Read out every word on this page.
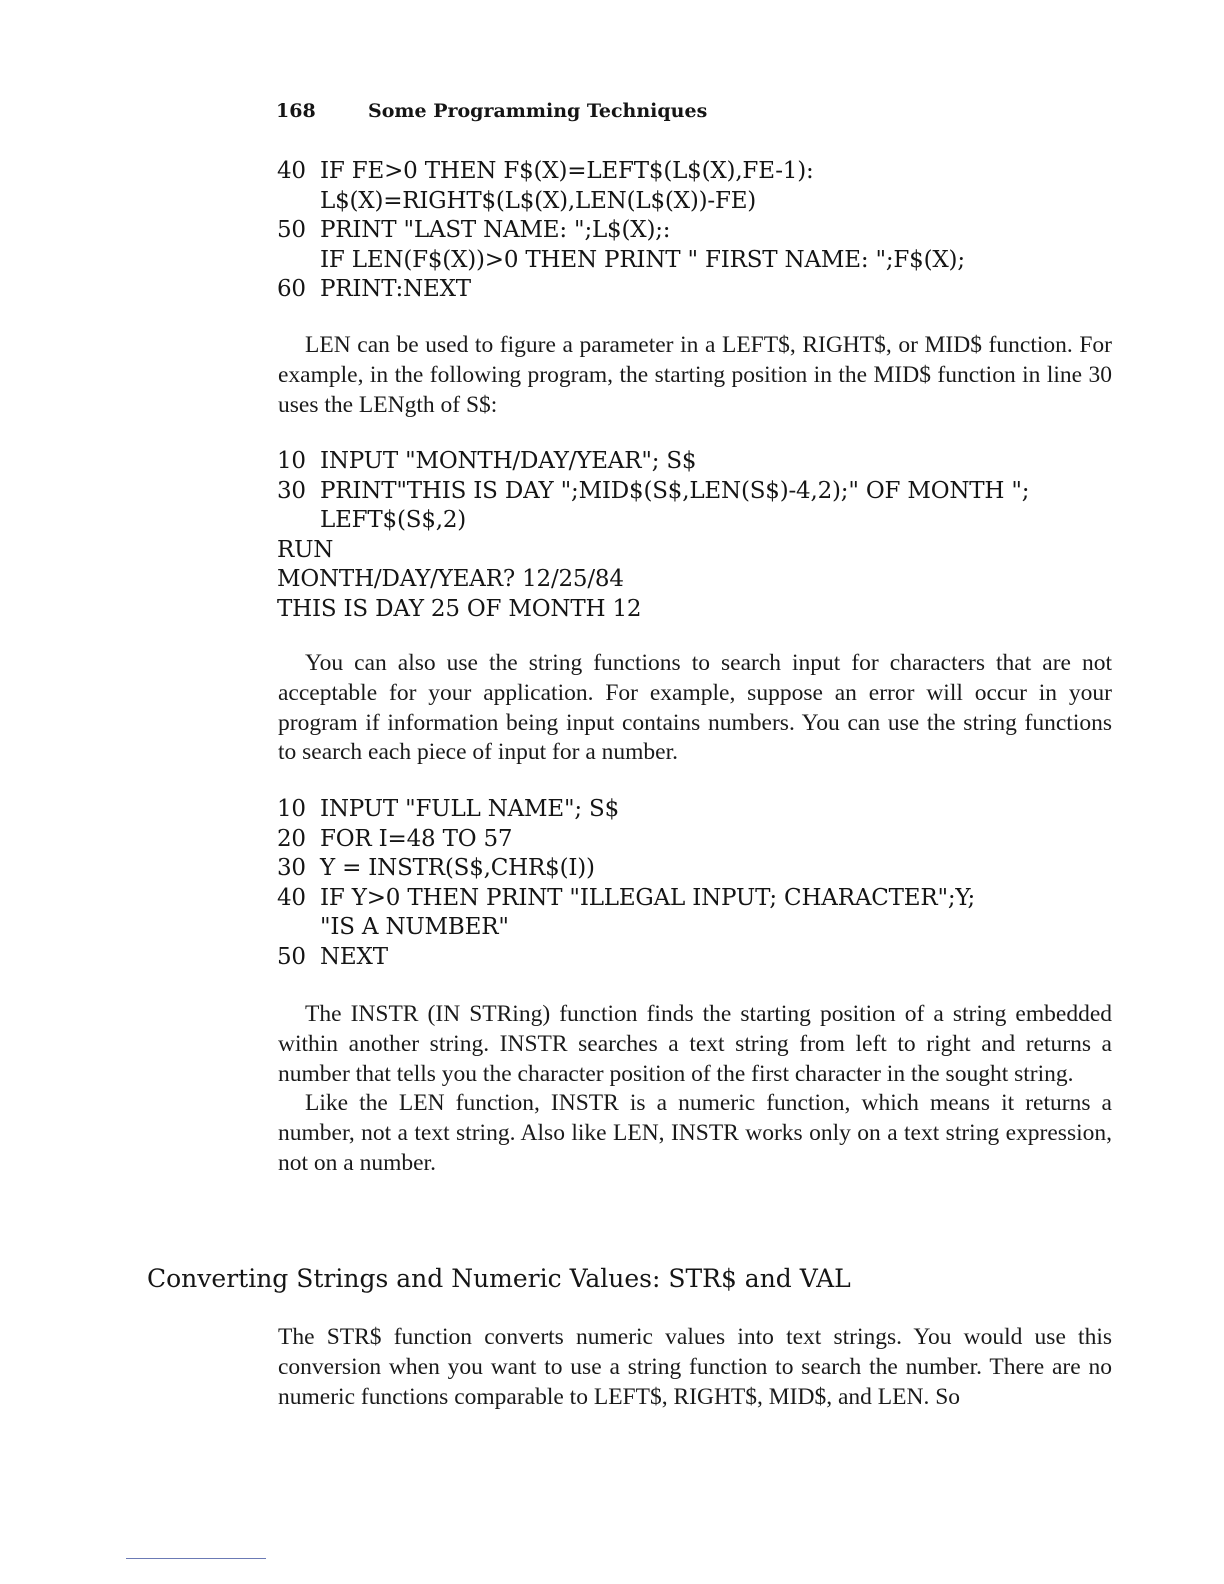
168	Some Programming Techniques
40 IF FE>0 THEN F$(X)=LEFT$(L$(X),FE-1):
L$(X)=RIGHT$(L$(X),LEN(L$(X))-FE)
50 PRINT "LAST NAME: ";L$(X);:
IF LEN(F$(X))>0 THEN PRINT " FIRST NAME: ";F$(X);
60 PRINT:NEXT

LEN can be used to figure a parameter in a LEFT$, RIGHT$, or MID$ function. For example, in the following program, the starting position in the MID$ function in line 30 uses the LENgth of S$:

10 INPUT "MONTH/DAY/YEAR"; S$
30 PRINT"THIS IS DAY ";MID$(S$,LEN(S$)-4,2);" OF MONTH ";
LEFT$(S$,2)
RUN
MONTH/DAY/YEAR? 12/25/84
THIS IS DAY 25 OF MONTH 12

You can also use the string functions to search input for characters that are not acceptable for your application. For example, suppose an error will occur in your program if information being input contains numbers. You can use the string functions to search each piece of input for a number.

10 INPUT "FULL NAME"; S$
20 FOR I=48 TO 57
30 Y = INSTR(S$,CHR$(I))
40 IF Y>0 THEN PRINT "ILLEGAL INPUT; CHARACTER";Y;
"IS A NUMBER"
50 NEXT

The INSTR (IN STRing) function finds the starting position of a string embedded within another string. INSTR searches a text string from left to right and returns a number that tells you the character position of the first character in the sought string.

Like the LEN function, INSTR is a numeric function, which means it returns a number, not a text string. Also like LEN, INSTR works only on a text string expression, not on a number.

Converting Strings and Numeric Values: STR$ and VAL

The STR$ function converts numeric values into text strings. You would use this conversion when you want to use a string function to search the number. There are no numeric functions comparable to LEFT$, RIGHT$, MID$, and LEN. So
